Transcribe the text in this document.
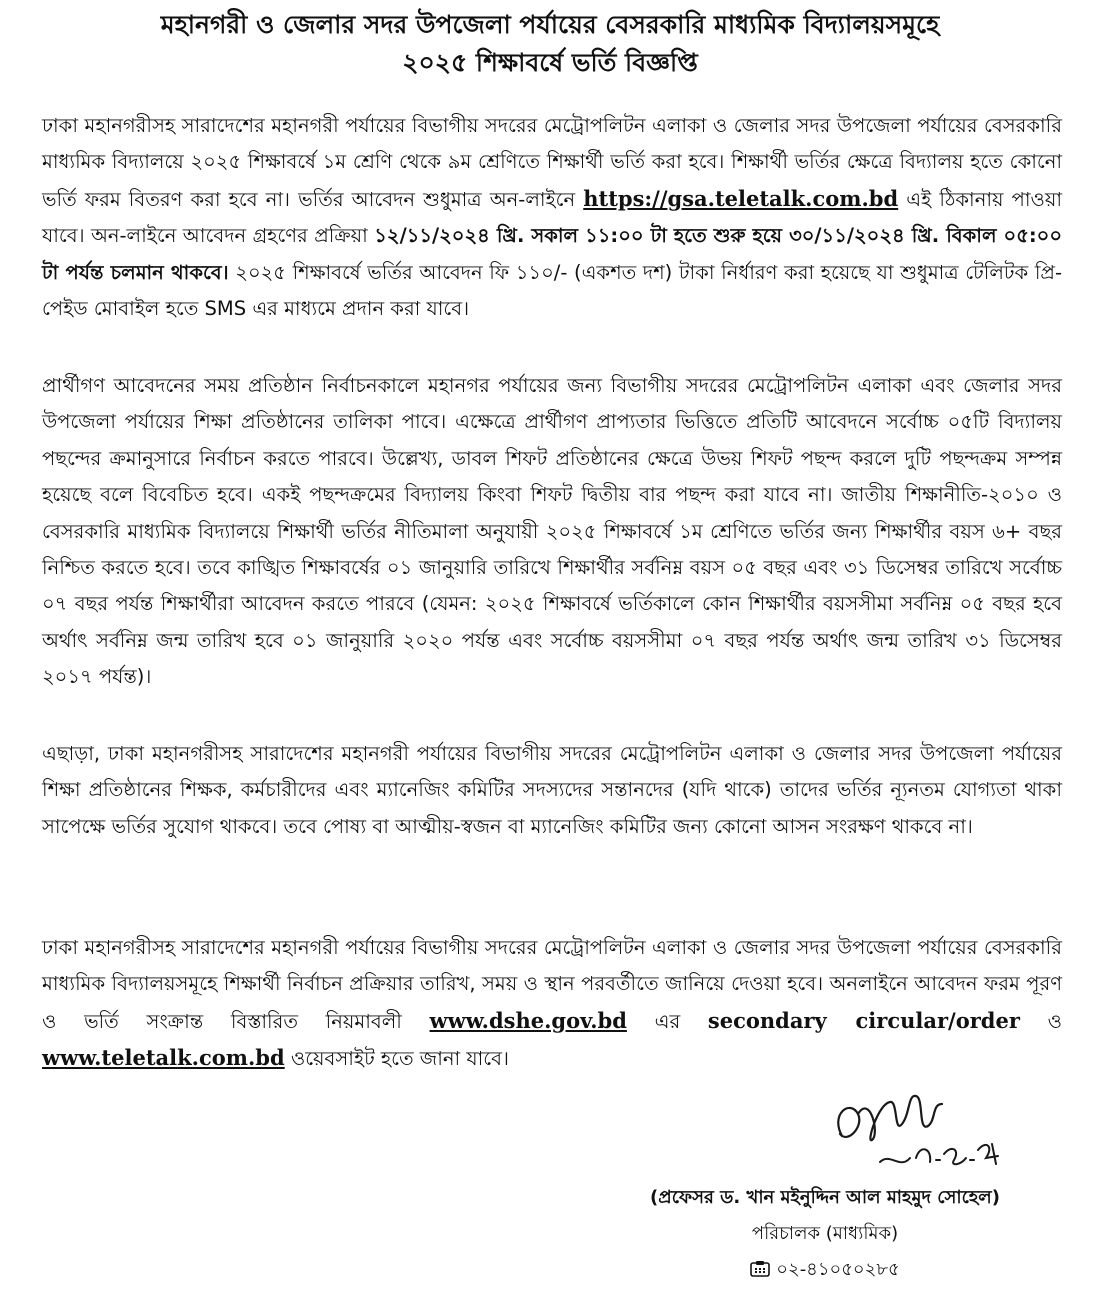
মহানগরী ও জেলার সদর উপজেলা পর্যায়ের বেসরকারি মাধ্যমিক বিদ্যালয়সমূহে
২০২৫ শিক্ষাবর্ষে ভর্তি বিজ্ঞপ্তি
ঢাকা মহানগরীসহ সারাদেশের মহানগরী পর্যায়ের বিভাগীয় সদরের মেট্রোপলিটন এলাকা ও জেলার সদর উপজেলা পর্যায়ের বেসরকারি মাধ্যমিক বিদ্যালয়ে ২০২৫ শিক্ষাবর্ষে ১ম শ্রেণি থেকে ৯ম শ্রেণিতে শিক্ষার্থী ভর্তি করা হবে। শিক্ষার্থী ভর্তির ক্ষেত্রে বিদ্যালয় হতে কোনো ভর্তি ফরম বিতরণ করা হবে না। ভর্তির আবেদন শুধুমাত্র অন-লাইনে https://gsa.teletalk.com.bd এই ঠিকানায় পাওয়া যাবে। অন-লাইনে আবেদন গ্রহণের প্রক্রিয়া ১২/১১/২০২৪ খ্রি. সকাল ১১:০০ টা হতে শুরু হয়ে ৩০/১১/২০২৪ খ্রি. বিকাল ০৫:০০ টা পর্যন্ত চলমান থাকবে। ২০২৫ শিক্ষাবর্ষে ভর্তির আবেদন ফি ১১০/- (একশত দশ) টাকা নির্ধারণ করা হয়েছে যা শুধুমাত্র টেলিটক প্রি-পেইড মোবাইল হতে SMS এর মাধ্যমে প্রদান করা যাবে।
প্রার্থীগণ আবেদনের সময় প্রতিষ্ঠান নির্বাচনকালে মহানগর পর্যায়ের জন্য বিভাগীয় সদরের মেট্রোপলিটন এলাকা এবং জেলার সদর উপজেলা পর্যায়ের শিক্ষা প্রতিষ্ঠানের তালিকা পাবে। এক্ষেত্রে প্রার্থীগণ প্রাপ্যতার ভিত্তিতে প্রতিটি আবেদনে সর্বোচ্চ ০৫টি বিদ্যালয় পছন্দের ক্রমানুসারে নির্বাচন করতে পারবে। উল্লেখ্য, ডাবল শিফট প্রতিষ্ঠানের ক্ষেত্রে উভয় শিফট পছন্দ করলে দুটি পছন্দক্রম সম্পন্ন হয়েছে বলে বিবেচিত হবে। একই পছন্দক্রমের বিদ্যালয় কিংবা শিফট দ্বিতীয় বার পছন্দ করা যাবে না। জাতীয় শিক্ষানীতি-২০১০ ও বেসরকারি মাধ্যমিক বিদ্যালয়ে শিক্ষার্থী ভর্তির নীতিমালা অনুযায়ী ২০২৫ শিক্ষাবর্ষে ১ম শ্রেণিতে ভর্তির জন্য শিক্ষার্থীর বয়স ৬+ বছর নিশ্চিত করতে হবে। তবে কাঙ্খিত শিক্ষাবর্ষের ০১ জানুয়ারি তারিখে শিক্ষার্থীর সর্বনিম্ন বয়স ০৫ বছর এবং ৩১ ডিসেম্বর তারিখে সর্বোচ্চ ০৭ বছর পর্যন্ত শিক্ষার্থীরা আবেদন করতে পারবে (যেমন: ২০২৫ শিক্ষাবর্ষে ভর্তিকালে কোন শিক্ষার্থীর বয়সসীমা সর্বনিম্ন ০৫ বছর হবে অর্থাৎ সর্বনিম্ন জন্ম তারিখ হবে ০১ জানুয়ারি ২০২০ পর্যন্ত এবং সর্বোচ্চ বয়সসীমা ০৭ বছর পর্যন্ত অর্থাৎ জন্ম তারিখ ৩১ ডিসেম্বর ২০১৭ পর্যন্ত)।
এছাড়া, ঢাকা মহানগরীসহ সারাদেশের মহানগরী পর্যায়ের বিভাগীয় সদরের মেট্রোপলিটন এলাকা ও জেলার সদর উপজেলা পর্যায়ের শিক্ষা প্রতিষ্ঠানের শিক্ষক, কর্মচারীদের এবং ম্যানেজিং কমিটির সদস্যদের সন্তানদের (যদি থাকে) তাদের ভর্তির ন্যূনতম যোগ্যতা থাকা সাপেক্ষে ভর্তির সুযোগ থাকবে। তবে পোষ্য বা আত্মীয়-স্বজন বা ম্যানেজিং কমিটির জন্য কোনো আসন সংরক্ষণ থাকবে না।
ঢাকা মহানগরীসহ সারাদেশের মহানগরী পর্যায়ের বিভাগীয় সদরের মেট্রোপলিটন এলাকা ও জেলার সদর উপজেলা পর্যায়ের বেসরকারি মাধ্যমিক বিদ্যালয়সমূহে শিক্ষার্থী নির্বাচন প্রক্রিয়ার তারিখ, সময় ও স্থান পরবর্তীতে জানিয়ে দেওয়া হবে। অনলাইনে আবেদন ফরম পূরণ ও ভর্তি সংক্রান্ত বিস্তারিত নিয়মাবলী www.dshe.gov.bd এর secondary circular/order ও www.teletalk.com.bd ওয়েবসাইট হতে জানা যাবে।
(প্রফেসর ড. খান মইনুদ্দিন আল মাহমুদ সোহেল)
পরিচালক (মাধ্যমিক)
০২-৪১০৫০২৮৫
